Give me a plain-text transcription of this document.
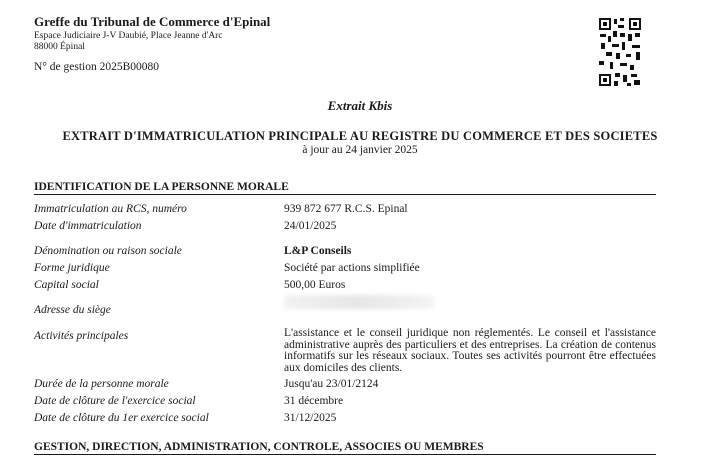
Greffe du Tribunal de Commerce d'Epinal
Espace Judiciaire J-V Daubié, Place Jeanne d'Arc
88000 Épinal
N° de gestion 2025B00080
Extrait Kbis
EXTRAIT D'IMMATRICULATION PRINCIPALE AU REGISTRE DU COMMERCE ET DES SOCIETES
à jour au 24 janvier 2025
IDENTIFICATION DE LA PERSONNE MORALE
Immatriculation au RCS, numéro	939 872 677 R.C.S. Epinal
Date d'immatriculation	24/01/2025
Dénomination ou raison sociale	L&P Conseils
Forme juridique	Société par actions simplifiée
Capital social	500,00 Euros
Adresse du siège
Activités principales	L'assistance et le conseil juridique non réglementés. Le conseil et l'assistance administrative auprès des particuliers et des entreprises. La création de contenus informatifs sur les réseaux sociaux. Toutes ses activités pourront être effectuées aux domiciles des clients.
Durée de la personne morale	Jusqu'au 23/01/2124
Date de clôture de l'exercice social	31 décembre
Date de clôture du 1er exercice social	31/12/2025
GESTION, DIRECTION, ADMINISTRATION, CONTROLE, ASSOCIES OU MEMBRES
